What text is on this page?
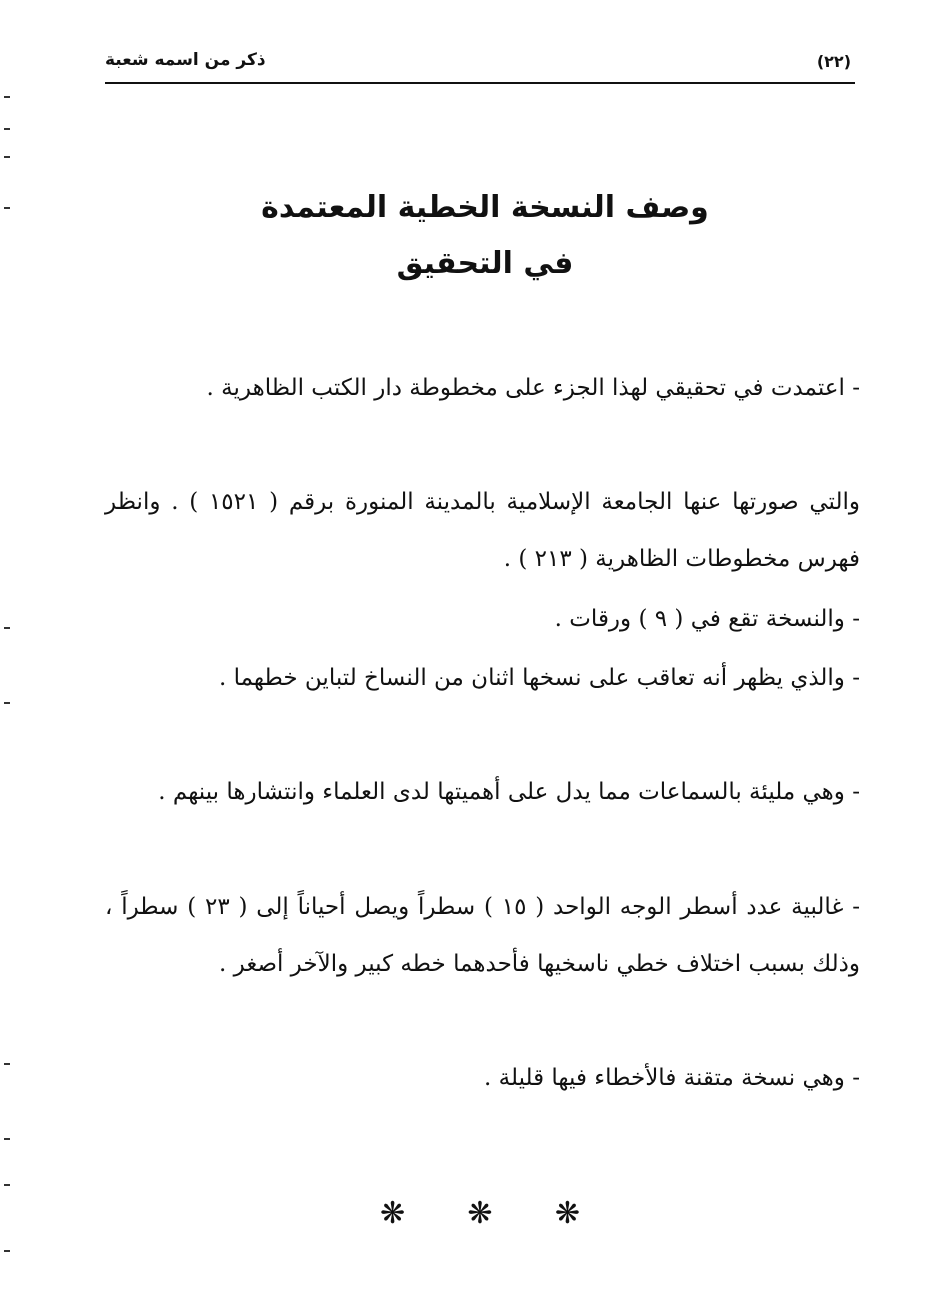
ذكر من اسمه شعبة	(٢٢)
وصف النسخة الخطية المعتمدة
في التحقيق
- اعتمدت في تحقيقي لهذا الجزء على مخطوطة دار الكتب الظاهرية .
والتي صورتها عنها الجامعة الإسلامية بالمدينة المنورة برقم ( ١٥٢١ ) . وانظر فهرس مخطوطات الظاهرية ( ٢١٣ ) .
- والنسخة تقع في ( ٩ ) ورقات .
- والذي يظهر أنه تعاقب على نسخها اثنان من النساخ لتباين خطهما .
- وهي مليئة بالسماعات مما يدل على أهميتها لدى العلماء وانتشارها بينهم .
- غالبية عدد أسطر الوجه الواحد ( ١٥ ) سطراً ويصل أحياناً إلى ( ٢٣ ) سطراً ، وذلك بسبب اختلاف خطي ناسخيها فأحدهما خطه كبير والآخر أصغر .
- وهي نسخة متقنة فالأخطاء فيها قليلة .
❋ ❋ ❋
